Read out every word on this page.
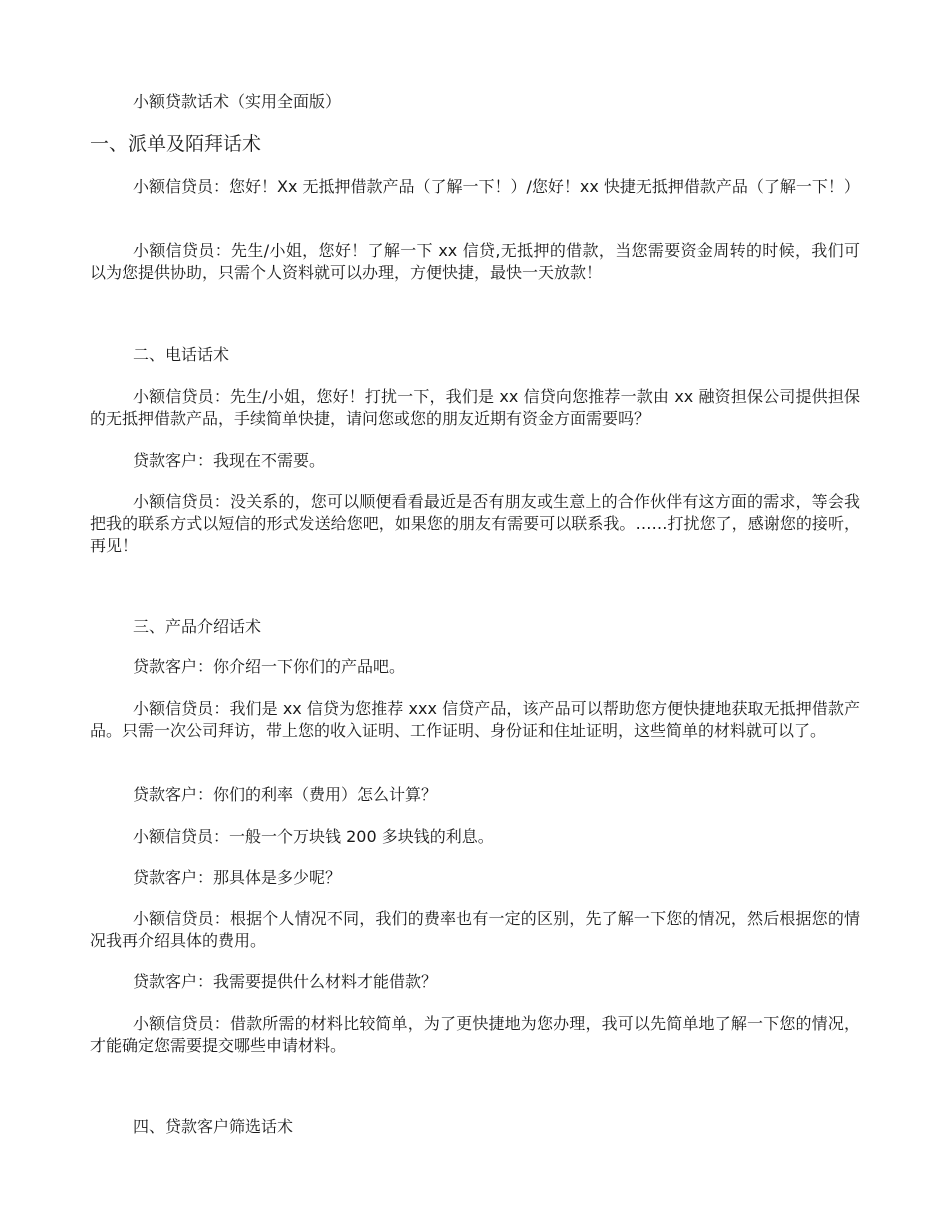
小额贷款话术（实用全面版）
一、派单及陌拜话术

小额信贷员：您好！Xx 无抵押借款产品（了解一下！）/您好！xx 快捷无抵押借款产品（了解一下！）

小额信贷员：先生/小姐，您好！了解一下 xx 信贷,无抵押的借款，当您需要资金周转的时候，我们可以为您提供协助，只需个人资料就可以办理，方便快捷，最快一天放款！

二、电话话术

小额信贷员：先生/小姐，您好！打扰一下，我们是 xx 信贷向您推荐一款由 xx 融资担保公司提供担保的无抵押借款产品，手续简单快捷，请问您或您的朋友近期有资金方面需要吗？

贷款客户：我现在不需要。

小额信贷员：没关系的，您可以顺便看看最近是否有朋友或生意上的合作伙伴有这方面的需求，等会我把我的联系方式以短信的形式发送给您吧，如果您的朋友有需要可以联系我。……打扰您了，感谢您的接听，再见！

三、产品介绍话术

贷款客户：你介绍一下你们的产品吧。

小额信贷员：我们是 xx 信贷为您推荐 xxx 信贷产品，该产品可以帮助您方便快捷地获取无抵押借款产品。只需一次公司拜访，带上您的收入证明、工作证明、身份证和住址证明，这些简单的材料就可以了。

贷款客户：你们的利率（费用）怎么计算？

小额信贷员：一般一个万块钱 200 多块钱的利息。

贷款客户：那具体是多少呢？

小额信贷员：根据个人情况不同，我们的费率也有一定的区别，先了解一下您的情况，然后根据您的情况我再介绍具体的费用。

贷款客户：我需要提供什么材料才能借款？

小额信贷员：借款所需的材料比较简单，为了更快捷地为您办理，我可以先简单地了解一下您的情况，才能确定您需要提交哪些申请材料。

四、贷款客户筛选话术
